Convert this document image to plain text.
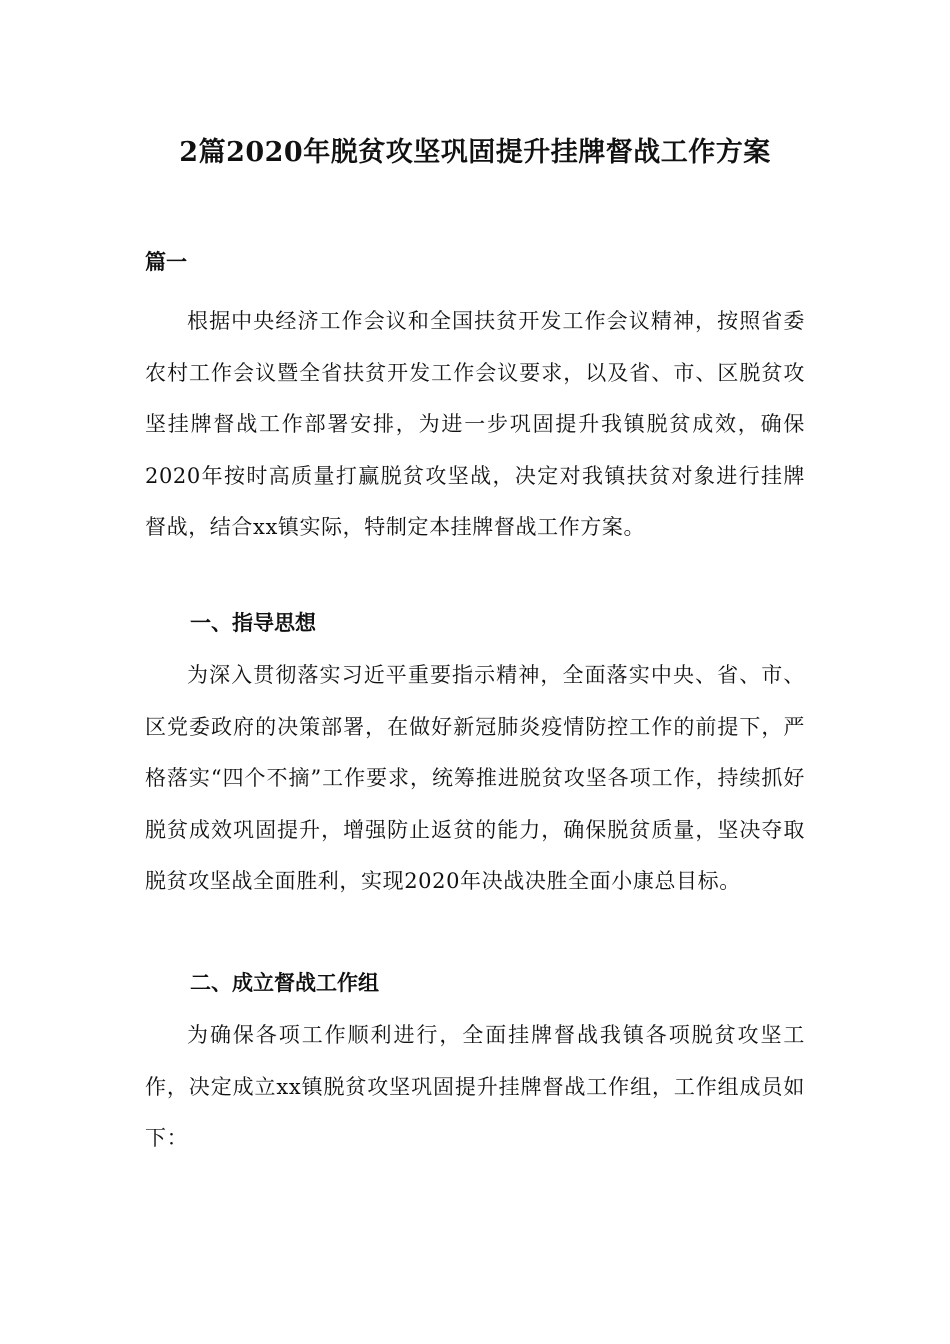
2篇2020年脱贫攻坚巩固提升挂牌督战工作方案
篇一

根据中央经济工作会议和全国扶贫开发工作会议精神，按照省委农村工作会议暨全省扶贫开发工作会议要求，以及省、市、区脱贫攻坚挂牌督战工作部署安排，为进一步巩固提升我镇脱贫成效，确保2020年按时高质量打赢脱贫攻坚战，决定对我镇扶贫对象进行挂牌督战，结合xx镇实际，特制定本挂牌督战工作方案。

一、指导思想

为深入贯彻落实习近平重要指示精神，全面落实中央、省、市、区党委政府的决策部署，在做好新冠肺炎疫情防控工作的前提下，严格落实“四个不摘”工作要求，统筹推进脱贫攻坚各项工作，持续抓好脱贫成效巩固提升，增强防止返贫的能力，确保脱贫质量，坚决夺取脱贫攻坚战全面胜利，实现2020年决战决胜全面小康总目标。

二、成立督战工作组

为确保各项工作顺利进行，全面挂牌督战我镇各项脱贫攻坚工作，决定成立xx镇脱贫攻坚巩固提升挂牌督战工作组，工作组成员如下：
